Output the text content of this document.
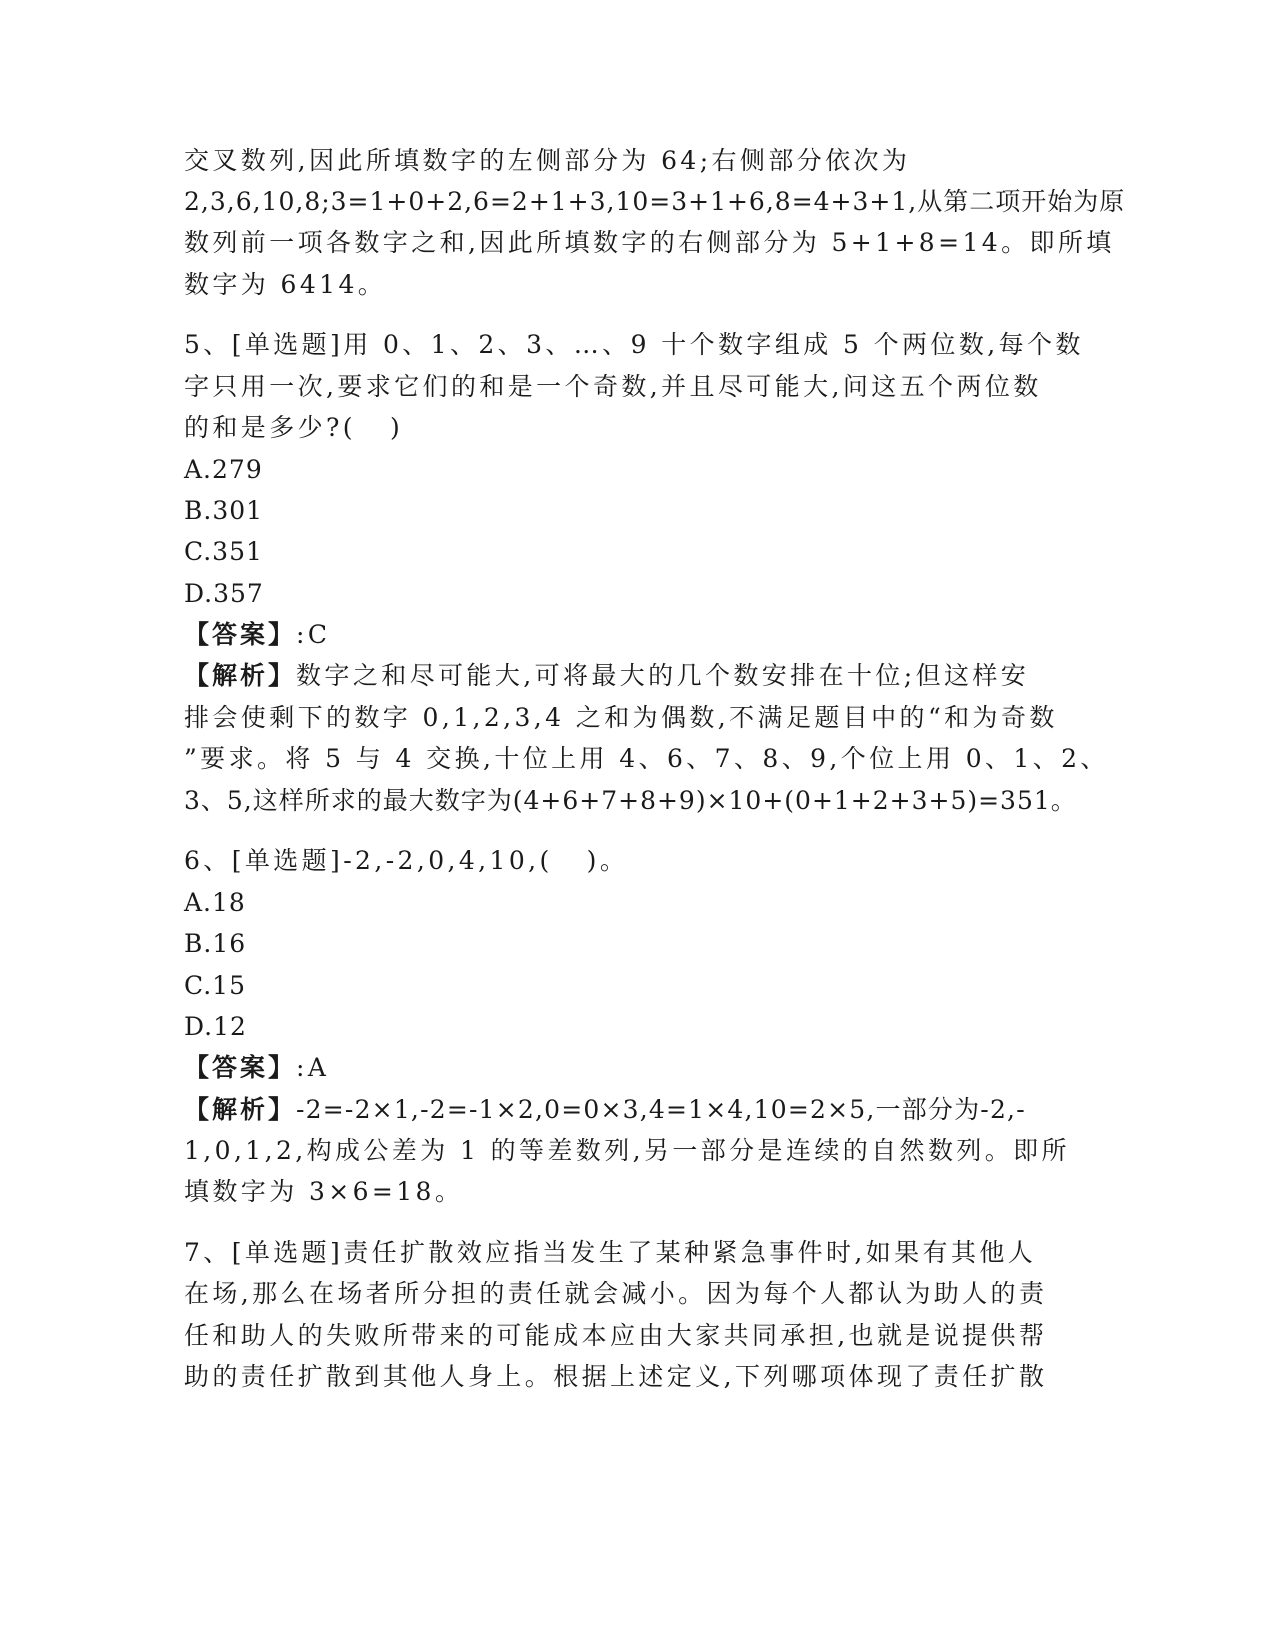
交叉数列,因此所填数字的左侧部分为 64;右侧部分依次为
2,3,6,10,8;3=1+0+2,6=2+1+3,10=3+1+6,8=4+3+1,从第二项开始为原
数列前一项各数字之和,因此所填数字的右侧部分为 5+1+8=14。即所填
数字为 6414。
5、[单选题]用 0、1、2、3、…、9 十个数字组成 5 个两位数,每个数
字只用一次,要求它们的和是一个奇数,并且尽可能大,问这五个两位数
的和是多少?(   )
A.279
B.301
C.351
D.357
【答案】:C
【解析】数字之和尽可能大,可将最大的几个数安排在十位;但这样安
排会使剩下的数字 0,1,2,3,4 之和为偶数,不满足题目中的“和为奇数
”要求。将 5 与 4 交换,十位上用 4、6、7、8、9,个位上用 0、1、2、
3、5,这样所求的最大数字为(4+6+7+8+9)×10+(0+1+2+3+5)=351。
6、[单选题]-2,-2,0,4,10,(   )。
A.18
B.16
C.15
D.12
【答案】:A
【解析】-2=-2×1,-2=-1×2,0=0×3,4=1×4,10=2×5,一部分为-2,-
1,0,1,2,构成公差为 1 的等差数列,另一部分是连续的自然数列。即所
填数字为 3×6=18。
7、[单选题]责任扩散效应指当发生了某种紧急事件时,如果有其他人
在场,那么在场者所分担的责任就会减小。因为每个人都认为助人的责
任和助人的失败所带来的可能成本应由大家共同承担,也就是说提供帮
助的责任扩散到其他人身上。根据上述定义,下列哪项体现了责任扩散
